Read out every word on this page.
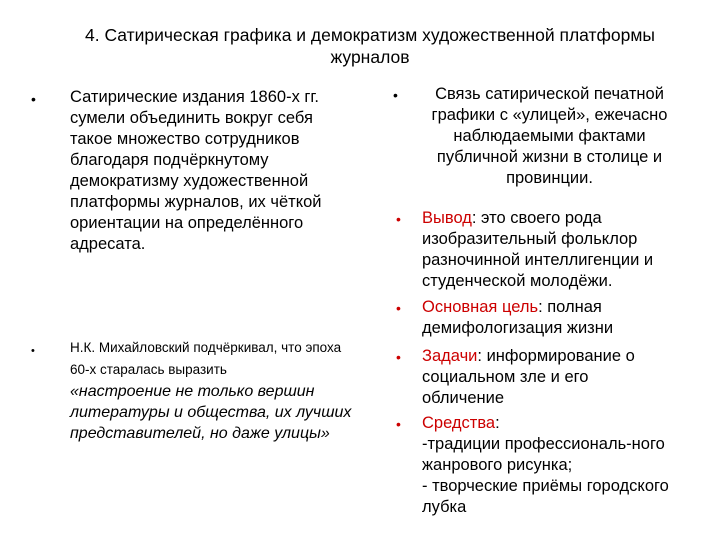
4. Сатирическая графика и демократизм художественной платформы журналов
• Сатирические издания 1860-х гг. сумели объединить вокруг себя такое множество сотрудников благодаря подчёркнутому демократизму художественной платформы журналов, их чёткой ориентации на определённого адресата.
•	Н.К. Михайловский подчёркивал, что эпоха 60-х старалась выразить
«настроение не только вершин литературы и общества, их лучших представителей, но даже улицы»
•	Связь сатирической печатной графики с «улицей», ежечасно наблюдаемыми фактами публичной жизни в столице и провинции.
• Вывод: это своего рода изобразительный фольклор разночинной интеллигенции и студенческой молодёжи.
• Основная цель: полная демифологизация жизни
• Задачи: информирование о социальном зле и его обличение
• Средства:
-традиции профессиональ-ного жанрового рисунка;
- творческие приёмы городского лубка
